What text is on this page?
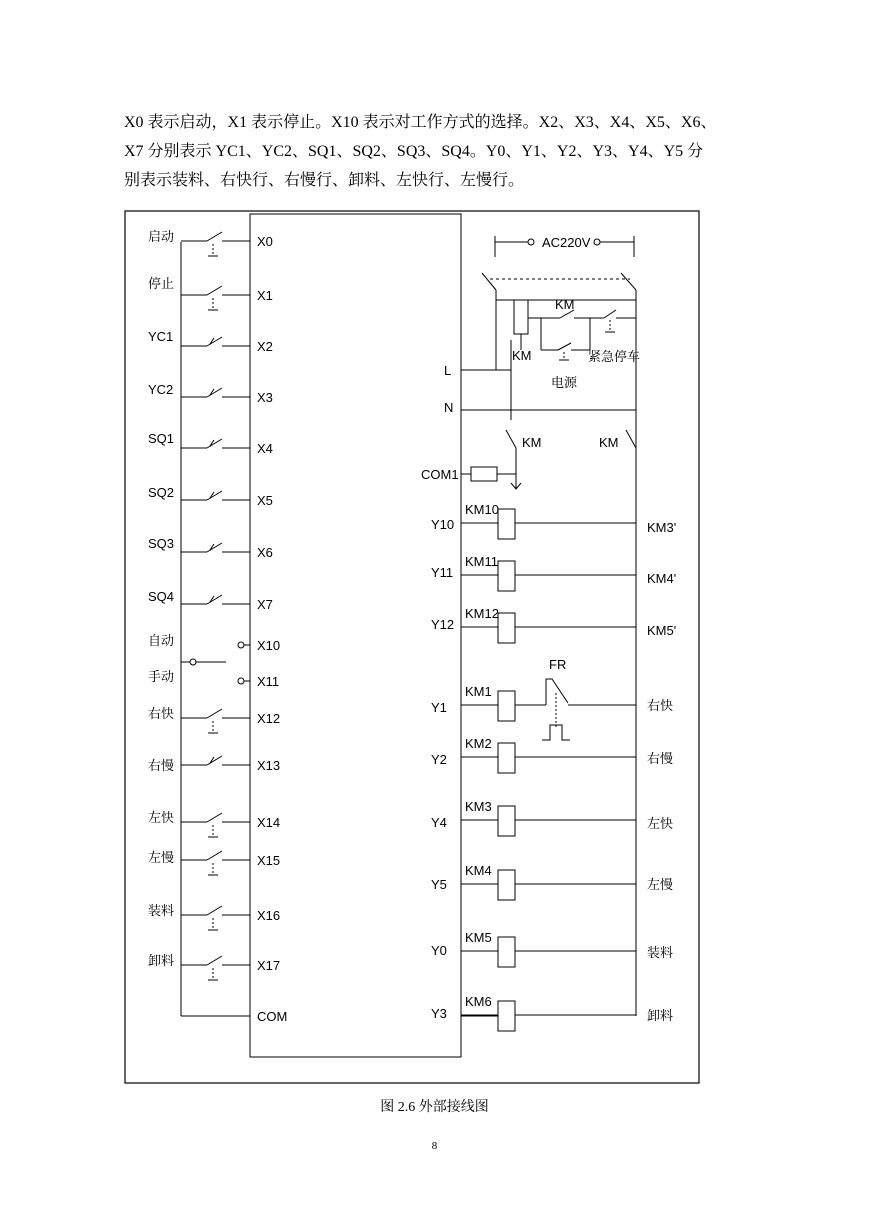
X0 表示启动，X1 表示停止。X10 表示对工作方式的选择。X2、X3、X4、X5、X6、
X7 分别表示 YC1、YC2、SQ1、SQ2、SQ3、SQ4。Y0、Y1、Y2、Y3、Y4、Y5 分
别表示装料、右快行、右慢行、卸料、左快行、左慢行。
COM
启动	X0
停止
X1
YC1
X2
YC2
X3
SQ1
X4
SQ2
X5
SQ3
X6
SQ4
X7
自动	X10
手动	X11
右快	X12
右慢	X13
左快	X14
左慢	X15
装料	X16
卸料	X17
AC220V
KM
KM	紧急停车
电源
L
N
KM	KM
COM1
Y10
KM10
KM3'
Y11
KM11
KM4'
Y12
KM12
KM5'
Y1
KM1
FR
右快
Y2
KM2
右慢
Y4
KM3
左快
Y5
KM4
左慢
Y0
KM5
装料
Y3
KM6
卸料
图 2.6 外部接线图
8
